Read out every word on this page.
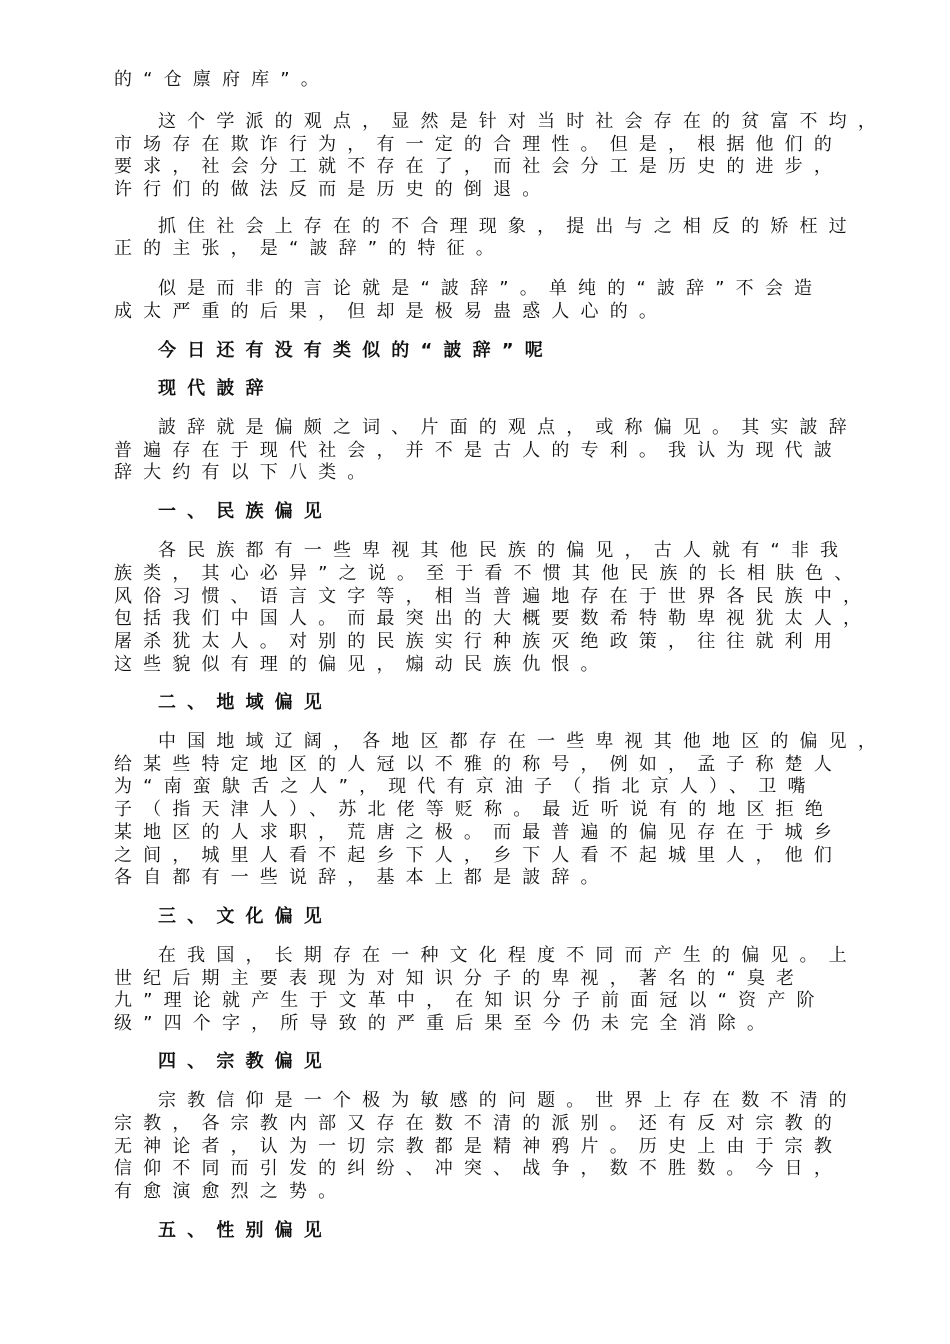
的“仓廪府库”。
这个学派的观点，显然是针对当时社会存在的贫富不均，
市场存在欺诈行为，有一定的合理性。但是，根据他们的
要求，社会分工就不存在了，而社会分工是历史的进步，
许行们的做法反而是历史的倒退。
抓住社会上存在的不合理现象，提出与之相反的矫枉过
正的主张，是“詖辞”的特征。
似是而非的言论就是“詖辞”。单纯的“詖辞”不会造
成太严重的后果，但却是极易蛊惑人心的。
今日还有没有类似的“詖辞”呢
现代詖辞
詖辞就是偏颇之词、片面的观点，或称偏见。其实詖辞
普遍存在于现代社会，并不是古人的专利。我认为现代詖
辞大约有以下八类。
一、民族偏见
各民族都有一些卑视其他民族的偏见，古人就有“非我
族类，其心必异”之说。至于看不惯其他民族的长相肤色、
风俗习惯、语言文字等，相当普遍地存在于世界各民族中，
包括我们中国人。而最突出的大概要数希特勒卑视犹太人，
屠杀犹太人。对别的民族实行种族灭绝政策，往往就利用
这些貌似有理的偏见，煽动民族仇恨。
二、地域偏见
中国地域辽阔，各地区都存在一些卑视其他地区的偏见，
给某些特定地区的人冠以不雅的称号，例如，孟子称楚人
为“南蛮鴃舌之人”，现代有京油子（指北京人）、卫嘴
子（指天津人）、苏北佬等贬称。最近听说有的地区拒绝
某地区的人求职，荒唐之极。而最普遍的偏见存在于城乡
之间，城里人看不起乡下人，乡下人看不起城里人，他们
各自都有一些说辞，基本上都是詖辞。
三、文化偏见
在我国，长期存在一种文化程度不同而产生的偏见。上
世纪后期主要表现为对知识分子的卑视，著名的“臭老
九”理论就产生于文革中，在知识分子前面冠以“资产阶
级”四个字，所导致的严重后果至今仍未完全消除。
四、宗教偏见
宗教信仰是一个极为敏感的问题。世界上存在数不清的
宗教，各宗教内部又存在数不清的派别。还有反对宗教的
无神论者，认为一切宗教都是精神鸦片。历史上由于宗教
信仰不同而引发的纠纷、冲突、战争，数不胜数。今日，
有愈演愈烈之势。
五、性别偏见
